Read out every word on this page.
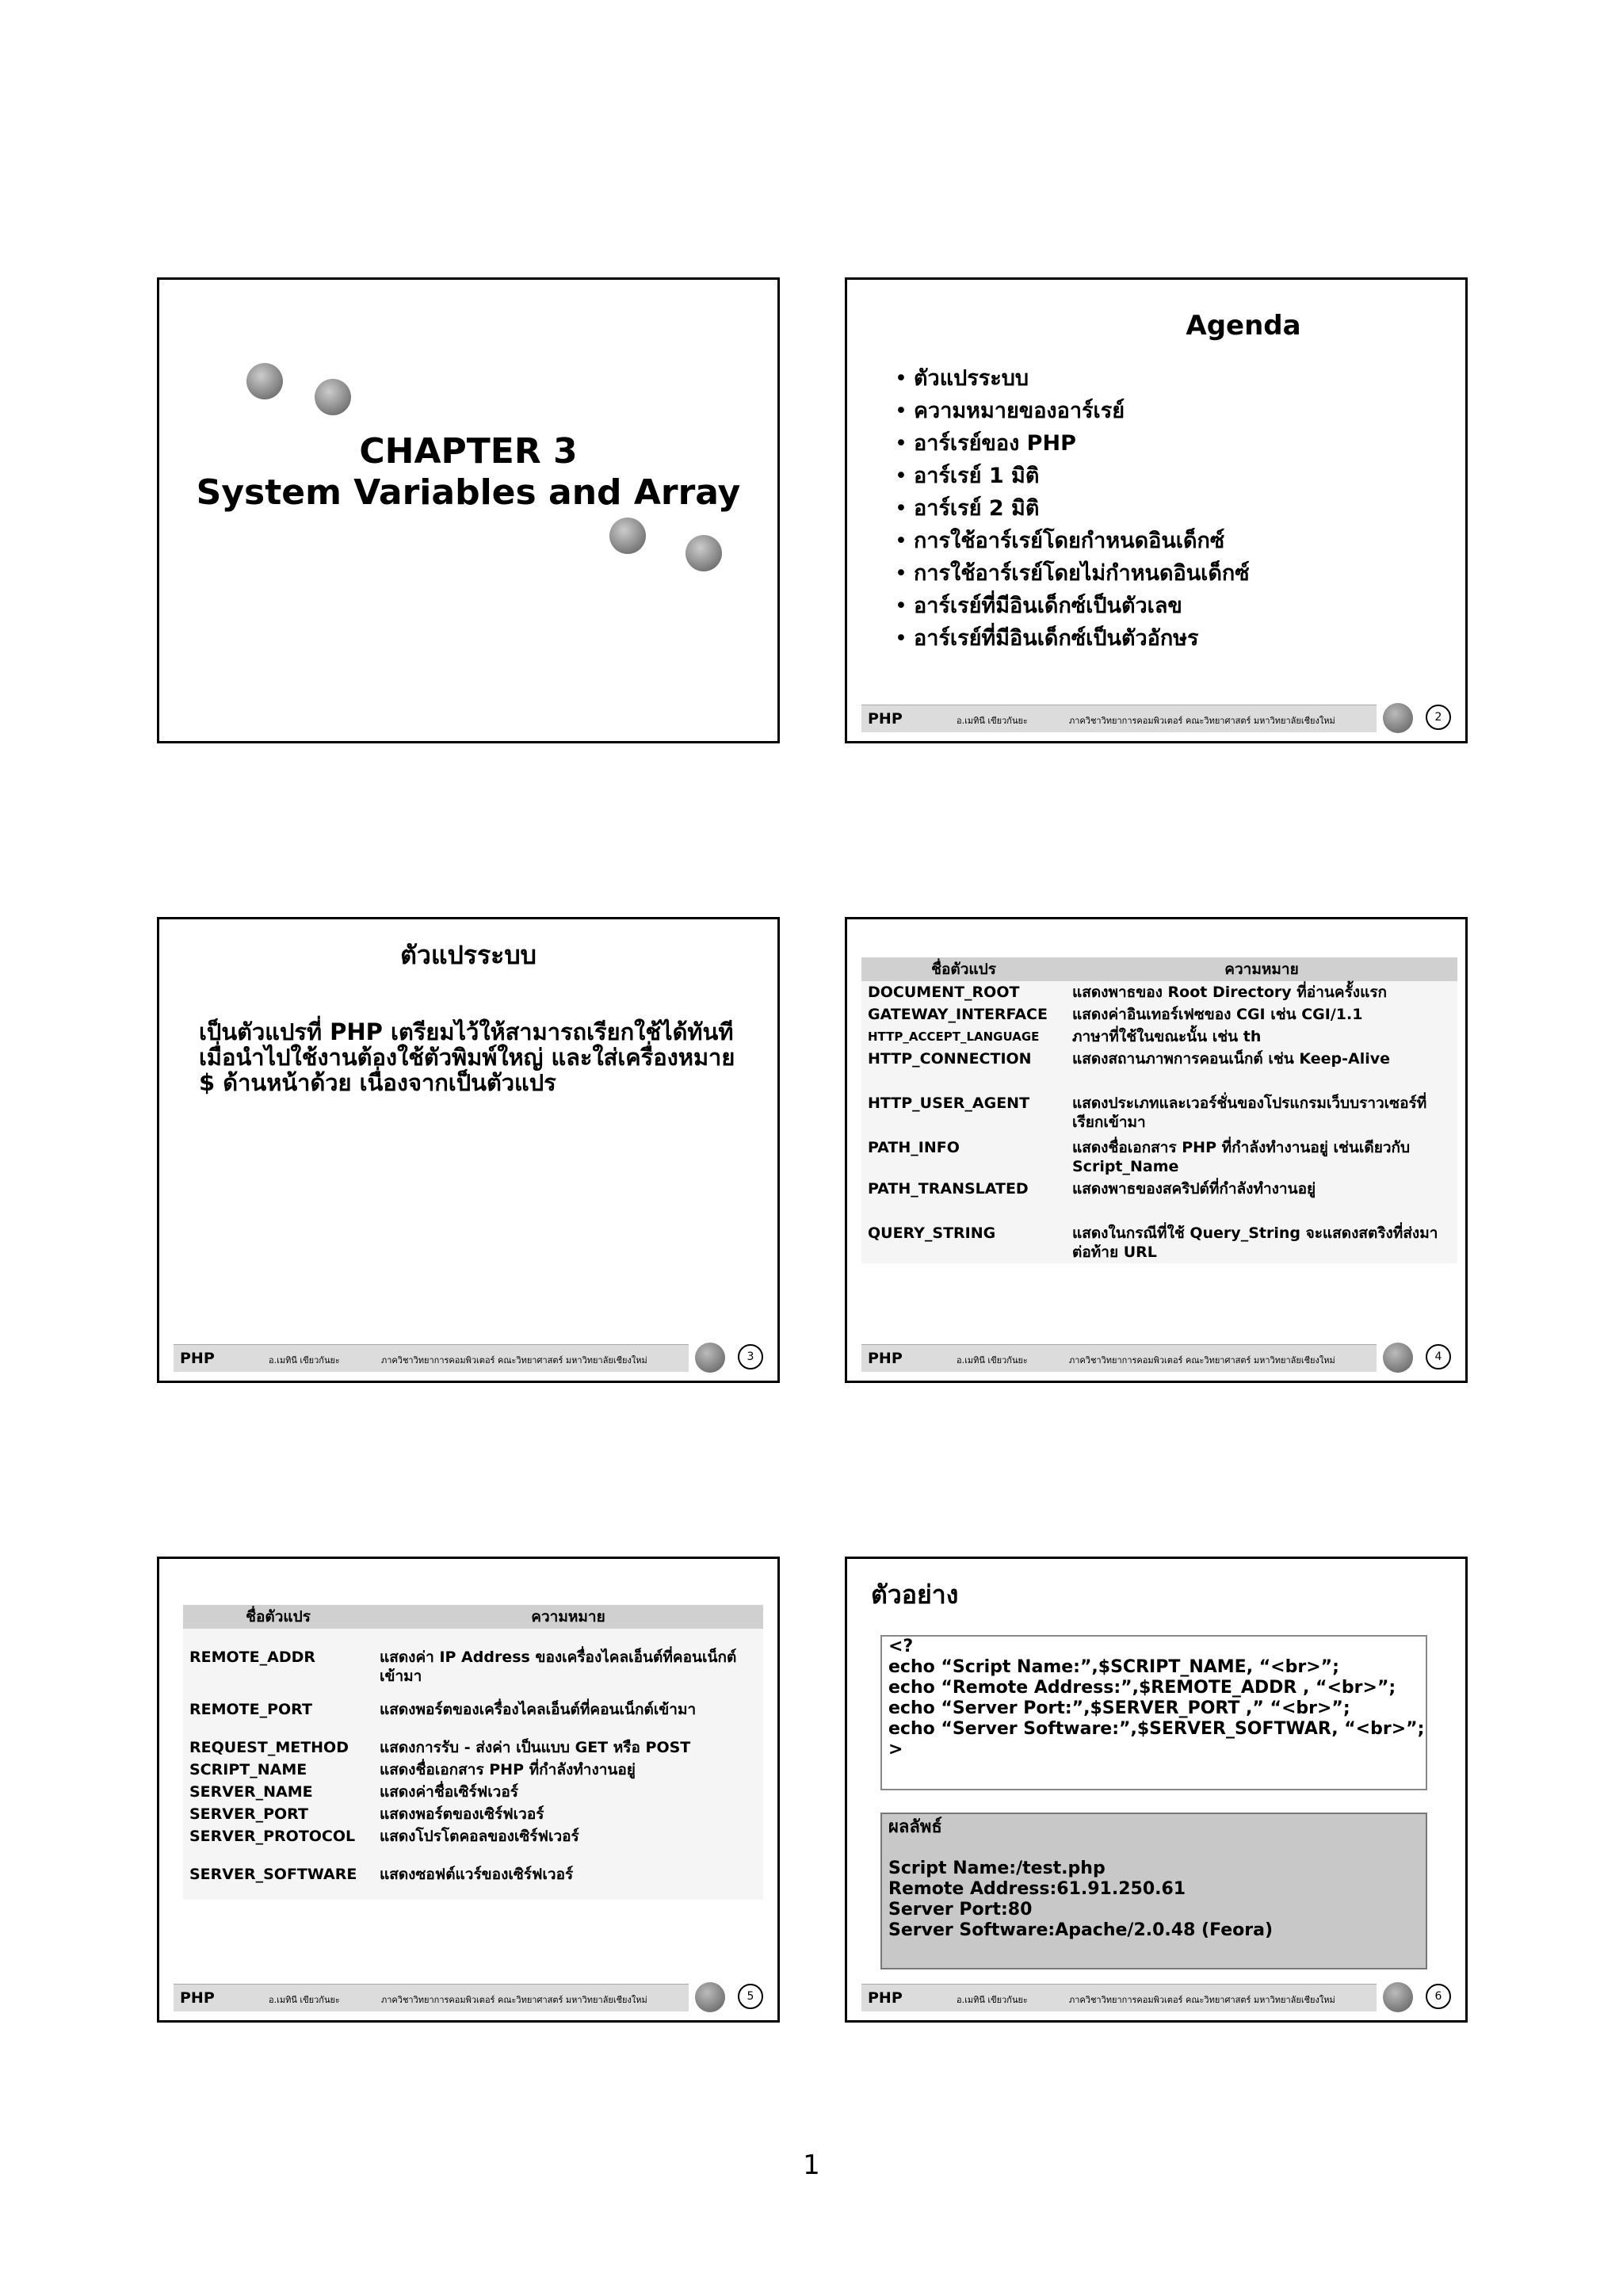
CHAPTER 3
System Variables and Array
Agenda
• ตัวแปรระบบ
• ความหมายของอาร์เรย์
• อาร์เรย์ของ PHP
• อาร์เรย์ 1 มิติ
• อาร์เรย์ 2 มิติ
• การใช้อาร์เรย์โดยกำหนดอินเด็กซ์
• การใช้อาร์เรย์โดยไม่กำหนดอินเด็กซ์
• อาร์เรย์ที่มีอินเด็กซ์เป็นตัวเลข
• อาร์เรย์ที่มีอินเด็กซ์เป็นตัวอักษร
PHP	อ.เมทินี เขียวกันยะ	ภาควิชาวิทยาการคอมพิวเตอร์ คณะวิทยาศาสตร์ มหาวิทยาลัยเชียงใหม่	2
ตัวแปรระบบ
เป็นตัวแปรที่ PHP เตรียมไว้ให้สามารถเรียกใช้ได้ทันที เมื่อนำไปใช้งานต้องใช้ตัวพิมพ์ใหญ่ และใส่เครื่องหมาย $ ด้านหน้าด้วย เนื่องจากเป็นตัวแปร
PHP	อ.เมทินี เขียวกันยะ	ภาควิชาวิทยาการคอมพิวเตอร์ คณะวิทยาศาสตร์ มหาวิทยาลัยเชียงใหม่	3
ชื่อตัวแปร	ความหมาย
DOCUMENT_ROOT	แสดงพาธของ Root Directory ที่อ่านครั้งแรก
GATEWAY_INTERFACE	แสดงค่าอินเทอร์เฟซของ CGI เช่น CGI/1.1
HTTP_ACCEPT_LANGUAGE	ภาษาที่ใช้ในขณะนั้น เช่น th
HTTP_CONNECTION	แสดงสถานภาพการคอนเน็กต์ เช่น Keep-Alive
HTTP_USER_AGENT	แสดงประเภทและเวอร์ชั่นของโปรแกรมเว็บบราวเซอร์ที่เรียกเข้ามา
PATH_INFO	แสดงชื่อเอกสาร PHP ที่กำลังทำงานอยู่ เช่นเดียวกับ Script_Name
PATH_TRANSLATED	แสดงพาธของสคริปต์ที่กำลังทำงานอยู่
QUERY_STRING	แสดงในกรณีที่ใช้ Query_String จะแสดงสตริงที่ส่งมาต่อท้าย URL
PHP	อ.เมทินี เขียวกันยะ	ภาควิชาวิทยาการคอมพิวเตอร์ คณะวิทยาศาสตร์ มหาวิทยาลัยเชียงใหม่	4
ชื่อตัวแปร	ความหมาย
REMOTE_ADDR	แสดงค่า IP Address ของเครื่องไคลเอ็นต์ที่คอนเน็กต์เข้ามา
REMOTE_PORT	แสดงพอร์ตของเครื่องไคลเอ็นต์ที่คอนเน็กต์เข้ามา
REQUEST_METHOD	แสดงการรับ - ส่งค่า เป็นแบบ GET หรือ POST
SCRIPT_NAME	แสดงชื่อเอกสาร PHP ที่กำลังทำงานอยู่
SERVER_NAME	แสดงค่าชื่อเซิร์ฟเวอร์
SERVER_PORT	แสดงพอร์ตของเซิร์ฟเวอร์
SERVER_PROTOCOL	แสดงโปรโตคอลของเซิร์ฟเวอร์
SERVER_SOFTWARE	แสดงซอฟต์แวร์ของเซิร์ฟเวอร์
PHP	อ.เมทินี เขียวกันยะ	ภาควิชาวิทยาการคอมพิวเตอร์ คณะวิทยาศาสตร์ มหาวิทยาลัยเชียงใหม่	5
ตัวอย่าง
<?
echo “Script Name:”,$SCRIPT_NAME, “<br>”;
echo “Remote Address:”,$REMOTE_ADDR , “<br>”;
echo “Server Port:”,$SERVER_PORT ,” “<br>”;
echo “Server Software:”,$SERVER_SOFTWAR, “<br>”;
>
ผลลัพธ์
Script Name:/test.php
Remote Address:61.91.250.61
Server Port:80
Server Software:Apache/2.0.48 (Feora)
PHP	อ.เมทินี เขียวกันยะ	ภาควิชาวิทยาการคอมพิวเตอร์ คณะวิทยาศาสตร์ มหาวิทยาลัยเชียงใหม่	6
1
